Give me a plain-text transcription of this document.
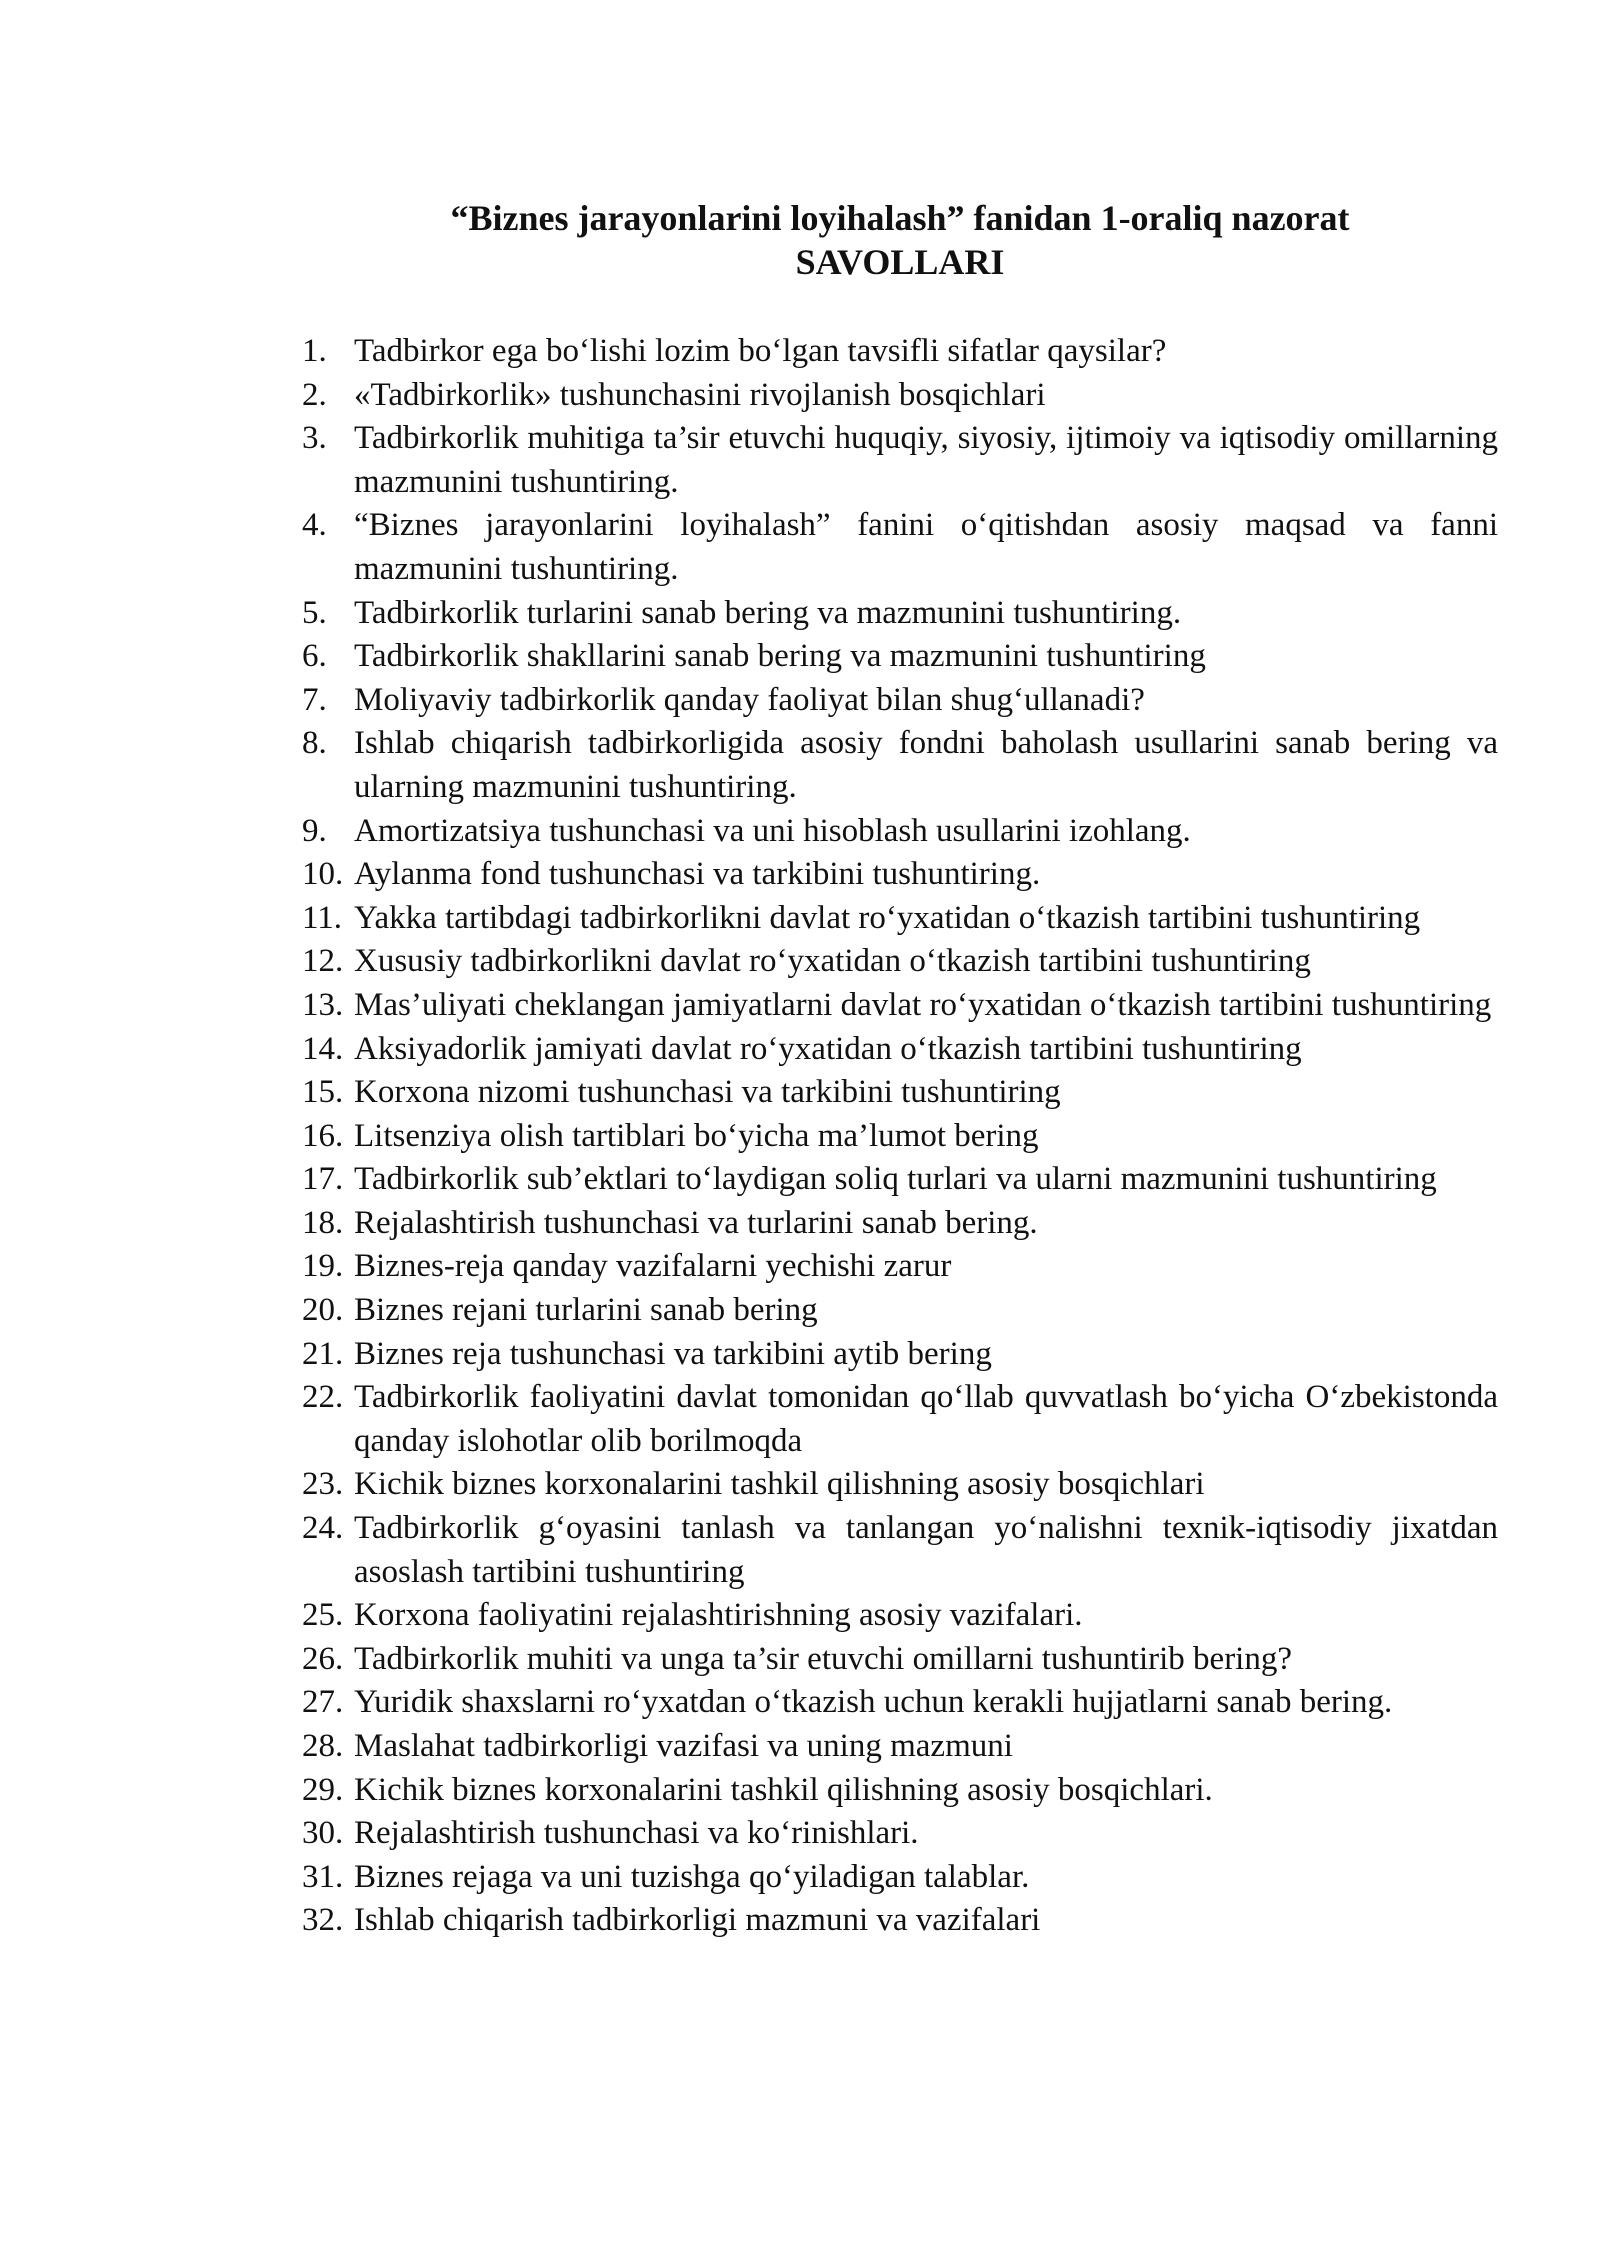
“Biznes jarayonlarini loyihalash” fanidan 1-oraliq nazorat
SAVOLLARI
1. Tadbirkor ega bo‘lishi lozim bo‘lgan tavsifli sifatlar qaysilar?
2. «Tadbirkorlik» tushunchasini rivojlanish bosqichlari
3. Tadbirkorlik muhitiga ta’sir etuvchi huquqiy, siyosiy, ijtimoiy va iqtisodiy omillarning mazmunini tushuntiring.
4. “Biznes jarayonlarini loyihalash” fanini o‘qitishdan asosiy maqsad va fanni mazmunini tushuntiring.
5. Tadbirkorlik turlarini sanab bering va mazmunini tushuntiring.
6. Tadbirkorlik shakllarini sanab bering va mazmunini tushuntiring
7. Moliyaviy tadbirkorlik qanday faoliyat bilan shug‘ullanadi?
8. Ishlab chiqarish tadbirkorligida asosiy fondni baholash usullarini sanab bering va ularning mazmunini tushuntiring.
9. Amortizatsiya tushunchasi va uni hisoblash usullarini izohlang.
10. Aylanma fond tushunchasi va tarkibini tushuntiring.
11. Yakka tartibdagi tadbirkorlikni davlat ro‘yxatidan o‘tkazish tartibini tushuntiring
12. Xususiy tadbirkorlikni davlat ro‘yxatidan o‘tkazish tartibini tushuntiring
13. Mas’uliyati cheklangan jamiyatlarni davlat ro‘yxatidan o‘tkazish tartibini tushuntiring
14. Aksiyadorlik jamiyati davlat ro‘yxatidan o‘tkazish tartibini tushuntiring
15. Korxona nizomi tushunchasi va tarkibini tushuntiring
16. Litsenziya olish tartiblari bo‘yicha ma’lumot bering
17. Tadbirkorlik sub’ektlari to‘laydigan soliq turlari va ularni mazmunini tushuntiring
18. Rejalashtirish tushunchasi va turlarini sanab bering.
19. Biznes-reja qanday vazifalarni yechishi zarur
20. Biznes rejani turlarini sanab bering
21. Biznes reja tushunchasi va tarkibini aytib bering
22. Tadbirkorlik faoliyatini davlat tomonidan qo‘llab quvvatlash bo‘yicha O‘zbekistonda qanday islohotlar olib borilmoqda
23. Kichik biznes korxonalarini tashkil qilishning asosiy bosqichlari
24. Tadbirkorlik g‘oyasini tanlash va tanlangan yo‘nalishni texnik-iqtisodiy jixatdan asoslash tartibini tushuntiring
25. Korxona faoliyatini rejalashtirishning asosiy vazifalari.
26. Tadbirkorlik muhiti va unga ta’sir etuvchi omillarni tushuntirib bering?
27. Yuridik shaxslarni ro‘yxatdan o‘tkazish uchun kerakli hujjatlarni sanab bering.
28. Maslahat tadbirkorligi vazifasi va uning mazmuni
29. Kichik biznes korxonalarini tashkil qilishning asosiy bosqichlari.
30. Rejalashtirish tushunchasi va ko‘rinishlari.
31. Biznes rejaga va uni tuzishga qo‘yiladigan talablar.
32. Ishlab chiqarish tadbirkorligi mazmuni va vazifalari
